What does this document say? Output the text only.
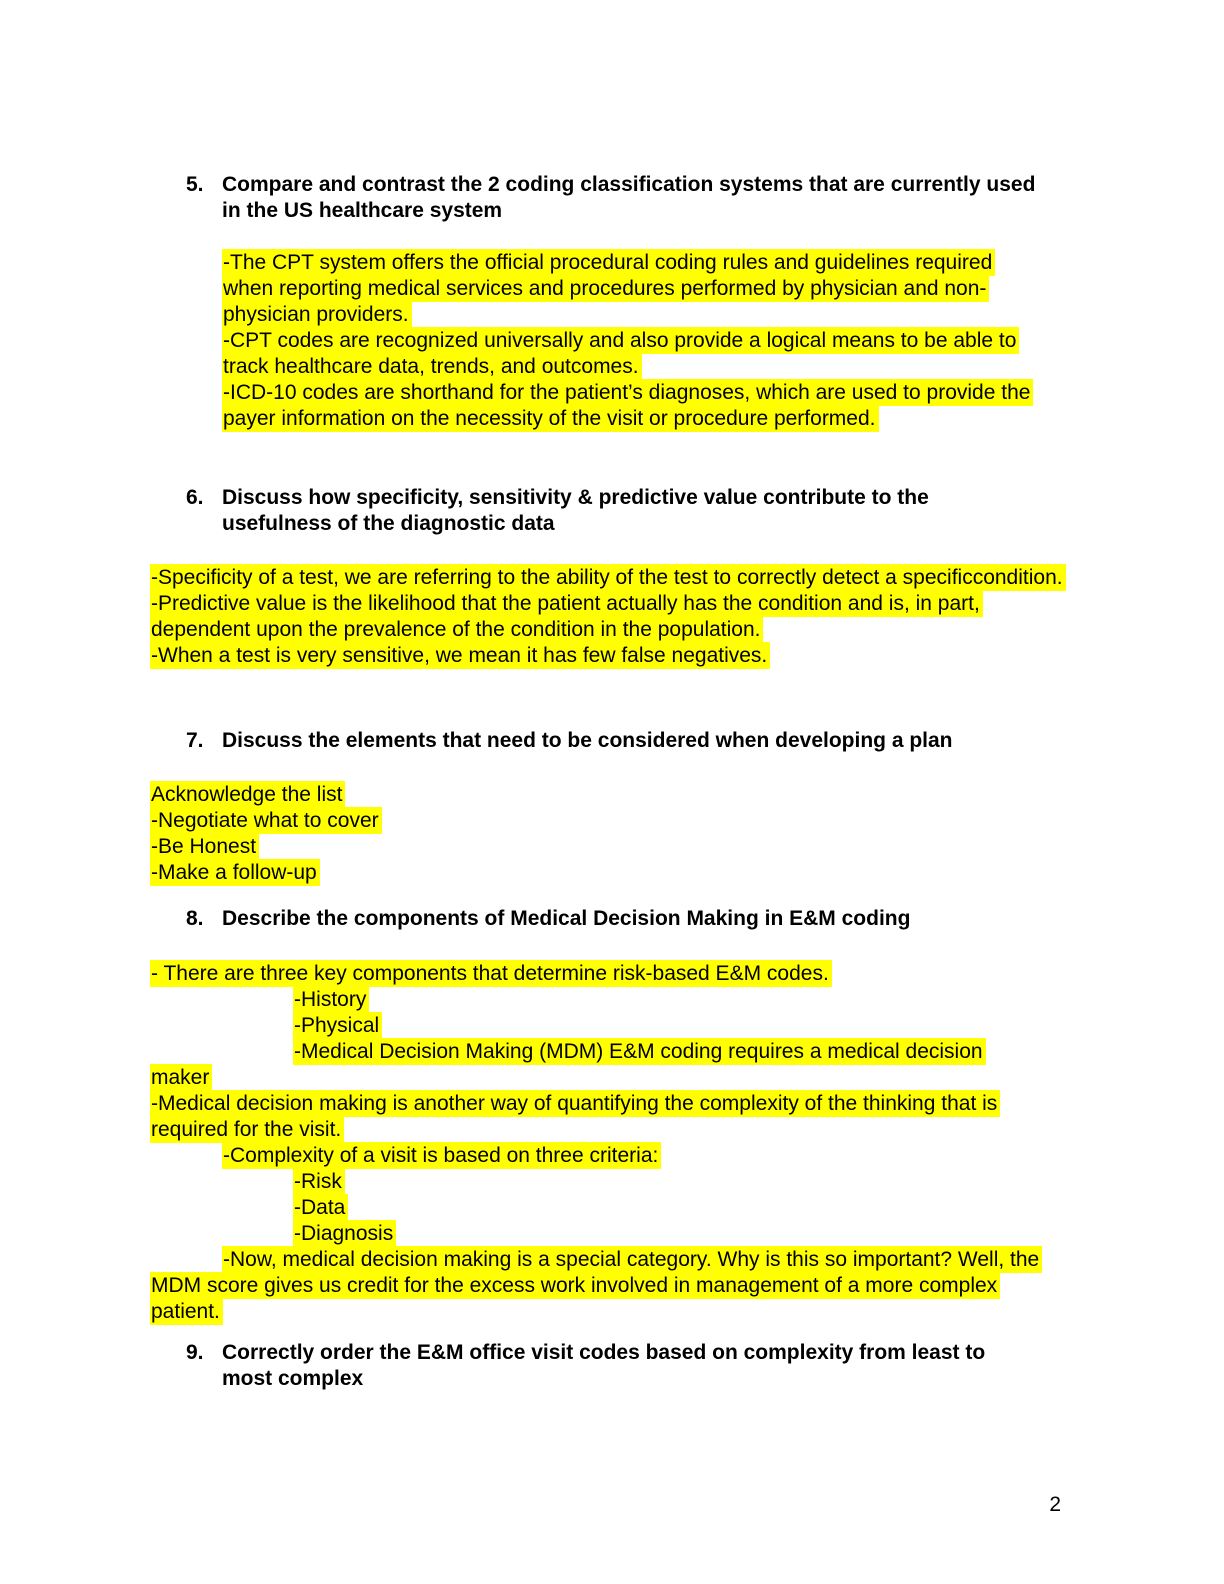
5. Compare and contrast the 2 coding classification systems that are currently used
in the US healthcare system
-The CPT system offers the official procedural coding rules and guidelines required
when reporting medical services and procedures performed by physician and non-
physician providers.
-CPT codes are recognized universally and also provide a logical means to be able to
track healthcare data, trends, and outcomes.
-ICD-10 codes are shorthand for the patient’s diagnoses, which are used to provide the
payer information on the necessity of the visit or procedure performed.
6. Discuss how specificity, sensitivity & predictive value contribute to the
usefulness of the diagnostic data
-Specificity of a test, we are referring to the ability of the test to correctly detect a specificcondition.
-Predictive value is the likelihood that the patient actually has the condition and is, in part,
dependent upon the prevalence of the condition in the population.
-When a test is very sensitive, we mean it has few false negatives.
7. Discuss the elements that need to be considered when developing a plan
Acknowledge the list
-Negotiate what to cover
-Be Honest
-Make a follow-up
8. Describe the components of Medical Decision Making in E&M coding
- There are three key components that determine risk-based E&M codes.
-History
-Physical
-Medical Decision Making (MDM) E&M coding requires a medical decision
maker
-Medical decision making is another way of quantifying the complexity of the thinking that is
required for the visit.
-Complexity of a visit is based on three criteria:
-Risk
-Data
-Diagnosis
-Now, medical decision making is a special category. Why is this so important? Well, the
MDM score gives us credit for the excess work involved in management of a more complex
patient.
9. Correctly order the E&M office visit codes based on complexity from least to
most complex
2
